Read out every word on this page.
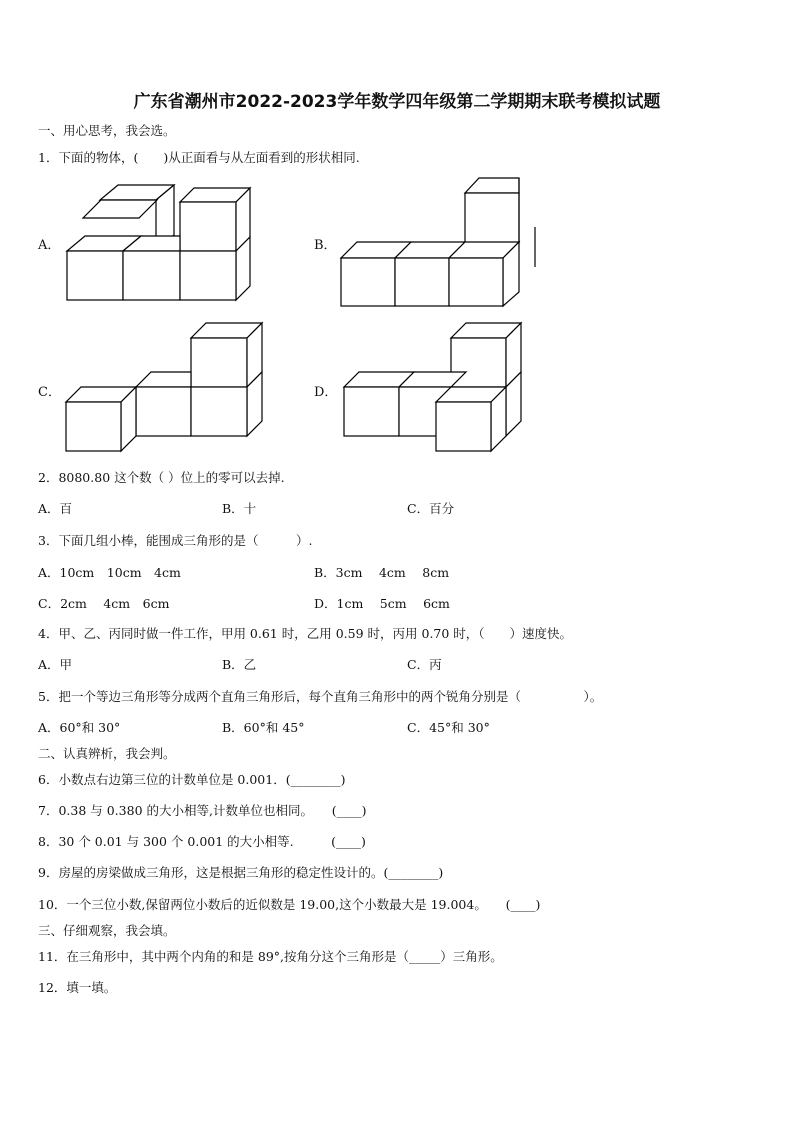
广东省潮州市2022-2023学年数学四年级第二学期期末联考模拟试题
一、用心思考，我会选。
1．下面的物体，(　　)从正面看与从左面看到的形状相同.
A．	B．
C．	D．
2．8080.80 这个数（ ）位上的零可以去掉.
A．百	B．十	C．百分
3．下面几组小棒，能围成三角形的是（　　　）.
A．10cm　10cm　4cm	B．3cm　 4cm　 8cm
C．2cm　 4cm　6cm	D．1cm　 5cm　 6cm
4．甲、乙、丙同时做一件工作，甲用 0.61 时，乙用 0.59 时，丙用 0.70 时，（　　）速度快。
A．甲	B．乙	C．丙
5．把一个等边三角形等分成两个直角三角形后，每个直角三角形中的两个锐角分别是（　　　　　）。
A．60°和 30°	B．60°和 45°	C．45°和 30°
二、认真辨析，我会判。
6．小数点右边第三位的计数单位是 0.001．(________)
7．0.38 与 0.380 的大小相等,计数单位也相同。　　(____)
8．30 个 0.01 与 300 个 0.001 的大小相等.　　　(____)
9．房屋的房梁做成三角形，这是根据三角形的稳定性设计的。(________)
10．一个三位小数,保留两位小数后的近似数是 19.00,这个小数最大是 19.004。　　(____)
三、仔细观察，我会填。
11．在三角形中，其中两个内角的和是 89°,按角分这个三角形是（_____）三角形。
12．填一填。
